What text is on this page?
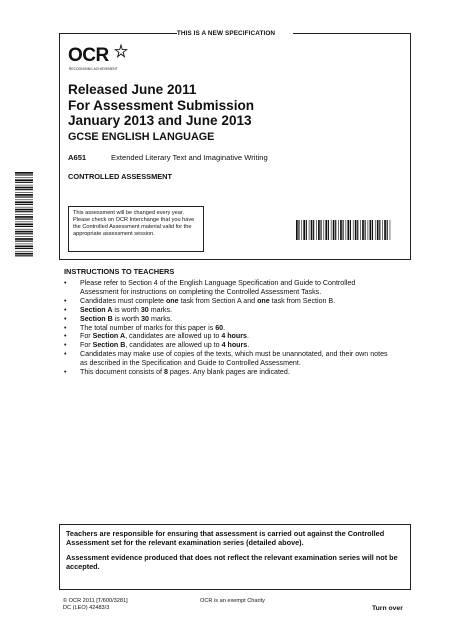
THIS IS A NEW SPECIFICATION
OCR
RECOGNISING ACHIEVEMENT
Released June 2011
For Assessment Submission
January 2013 and June 2013
GCSE ENGLISH LANGUAGE
A651	Extended Literary Text and Imaginative Writing
CONTROLLED ASSESSMENT
This assessment will be changed every year. Please check on OCR Interchange that you have the Controlled Assessment material valid for the appropriate assessment session.
INSTRUCTIONS TO TEACHERS
• Please refer to Section 4 of the English Language Specification and Guide to Controlled Assessment for instructions on completing the Controlled Assessment Tasks.
• Candidates must complete one task from Section A and one task from Section B.
• Section A is worth 30 marks.
• Section B is worth 30 marks.
• The total number of marks for this paper is 60.
• For Section A, candidates are allowed up to 4 hours.
• For Section B, candidates are allowed up to 4 hours.
• Candidates may make use of copies of the texts, which must be unannotated, and their own notes as described in the Specification and Guide to Controlled Assessment.
• This document consists of 8 pages. Any blank pages are indicated.

Teachers are responsible for ensuring that assessment is carried out against the Controlled Assessment set for the relevant examination series (detailed above).

Assessment evidence produced that does not reflect the relevant examination series will not be accepted.

© OCR 2011 [T/600/3281]
DC (LEO) 42483/3
OCR is an exempt Charity
Turn over
